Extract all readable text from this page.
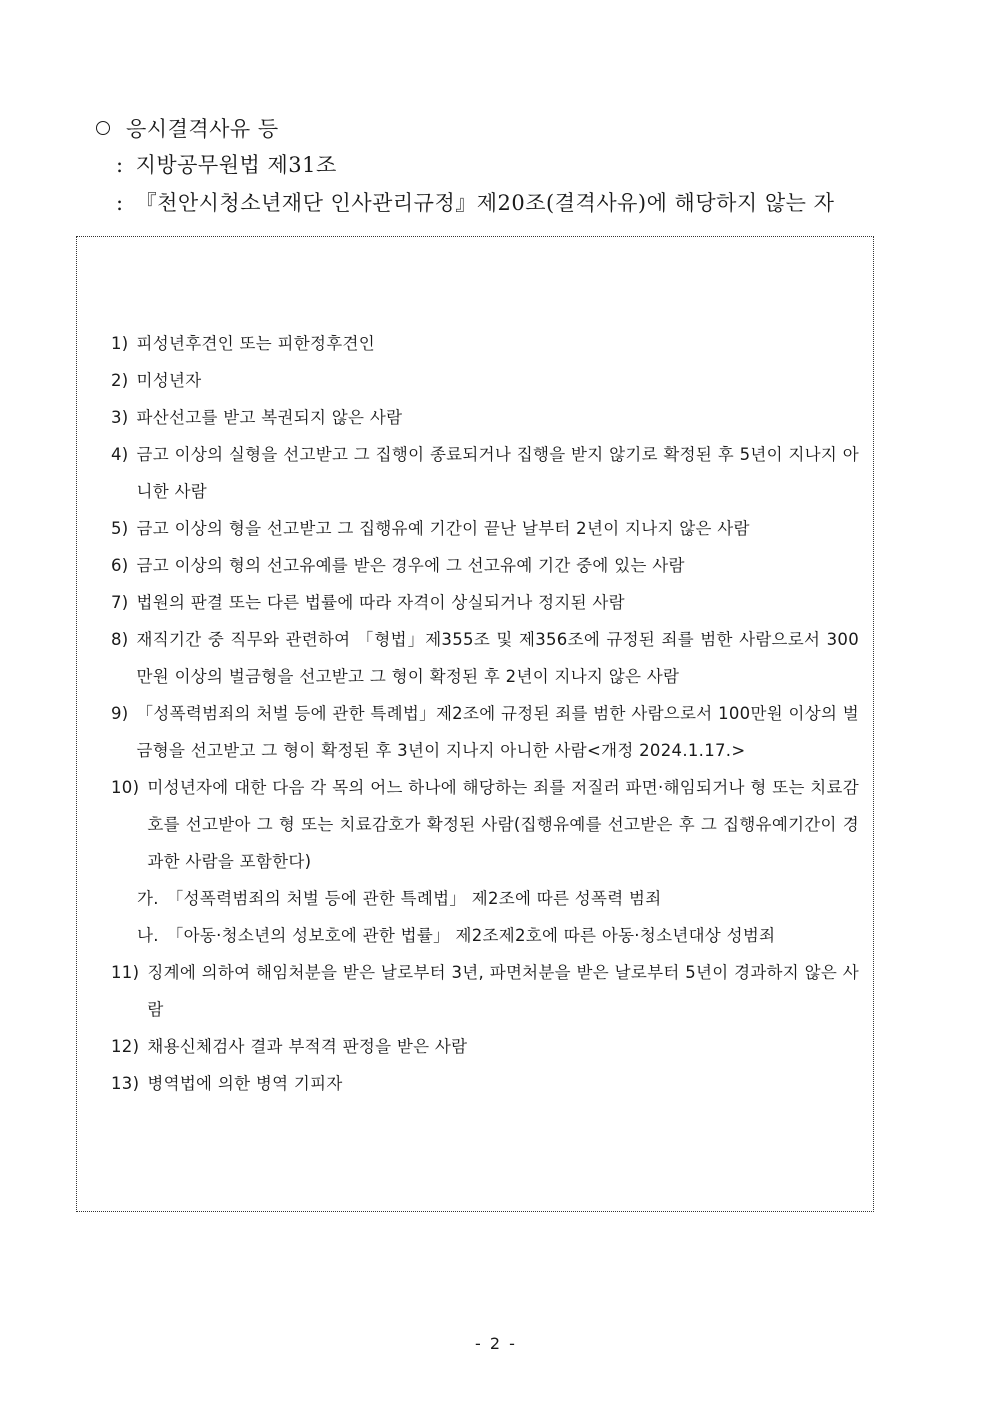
응시결격사유 등
: 지방공무원법 제31조
: 『천안시청소년재단 인사관리규정』제20조(결격사유)에 해당하지 않는 자
1) 피성년후견인 또는 피한정후견인
2) 미성년자
3) 파산선고를 받고 복권되지 않은 사람
4) 금고 이상의 실형을 선고받고 그 집행이 종료되거나 집행을 받지 않기로 확정된 후 5년이 지나지 아니한 사람
5) 금고 이상의 형을 선고받고 그 집행유예 기간이 끝난 날부터 2년이 지나지 않은 사람
6) 금고 이상의 형의 선고유예를 받은 경우에 그 선고유예 기간 중에 있는 사람
7) 법원의 판결 또는 다른 법률에 따라 자격이 상실되거나 정지된 사람
8) 재직기간 중 직무와 관련하여 「형법」제355조 및 제356조에 규정된 죄를 범한 사람으로서 300만원 이상의 벌금형을 선고받고 그 형이 확정된 후 2년이 지나지 않은 사람
9) 「성폭력범죄의 처벌 등에 관한 특례법」제2조에 규정된 죄를 범한 사람으로서 100만원 이상의 벌금형을 선고받고 그 형이 확정된 후 3년이 지나지 아니한 사람<개정 2024.1.17.>
10) 미성년자에 대한 다음 각 목의 어느 하나에 해당하는 죄를 저질러 파면·해임되거나 형 또는 치료감호를 선고받아 그 형 또는 치료감호가 확정된 사람(집행유예를 선고받은 후 그 집행유예기간이 경과한 사람을 포함한다)
가. 「성폭력범죄의 처벌 등에 관한 특례법」 제2조에 따른 성폭력 범죄
나. 「아동·청소년의 성보호에 관한 법률」 제2조제2호에 따른 아동·청소년대상 성범죄
11) 징계에 의하여 해임처분을 받은 날로부터 3년, 파면처분을 받은 날로부터 5년이 경과하지 않은 사람
12) 채용신체검사 결과 부적격 판정을 받은 사람
13) 병역법에 의한 병역 기피자
- 2 -
